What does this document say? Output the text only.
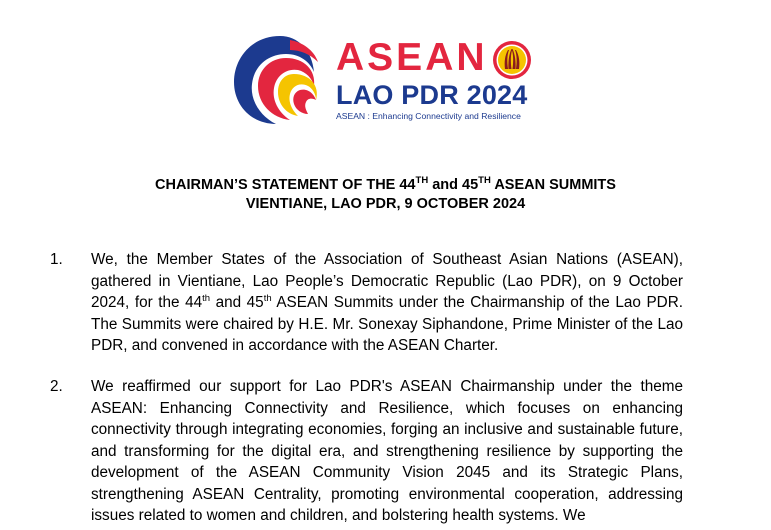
ASEAN
LAO PDR 2024
ASEAN : Enhancing Connectivity and Resilience
CHAIRMAN’S STATEMENT OF THE 44TH and 45TH ASEAN SUMMITS
VIENTIANE, LAO PDR, 9 OCTOBER 2024
1. We, the Member States of the Association of Southeast Asian Nations (ASEAN), gathered in Vientiane, Lao People’s Democratic Republic (Lao PDR), on 9 October 2024, for the 44th and 45th ASEAN Summits under the Chairmanship of the Lao PDR. The Summits were chaired by H.E. Mr. Sonexay Siphandone, Prime Minister of the Lao PDR, and convened in accordance with the ASEAN Charter.
2. We reaffirmed our support for Lao PDR's ASEAN Chairmanship under the theme ASEAN: Enhancing Connectivity and Resilience, which focuses on enhancing connectivity through integrating economies, forging an inclusive and sustainable future, and transforming for the digital era, and strengthening resilience by supporting the development of the ASEAN Community Vision 2045 and its Strategic Plans, strengthening ASEAN Centrality, promoting environmental cooperation, addressing issues related to women and children, and bolstering health systems. We
